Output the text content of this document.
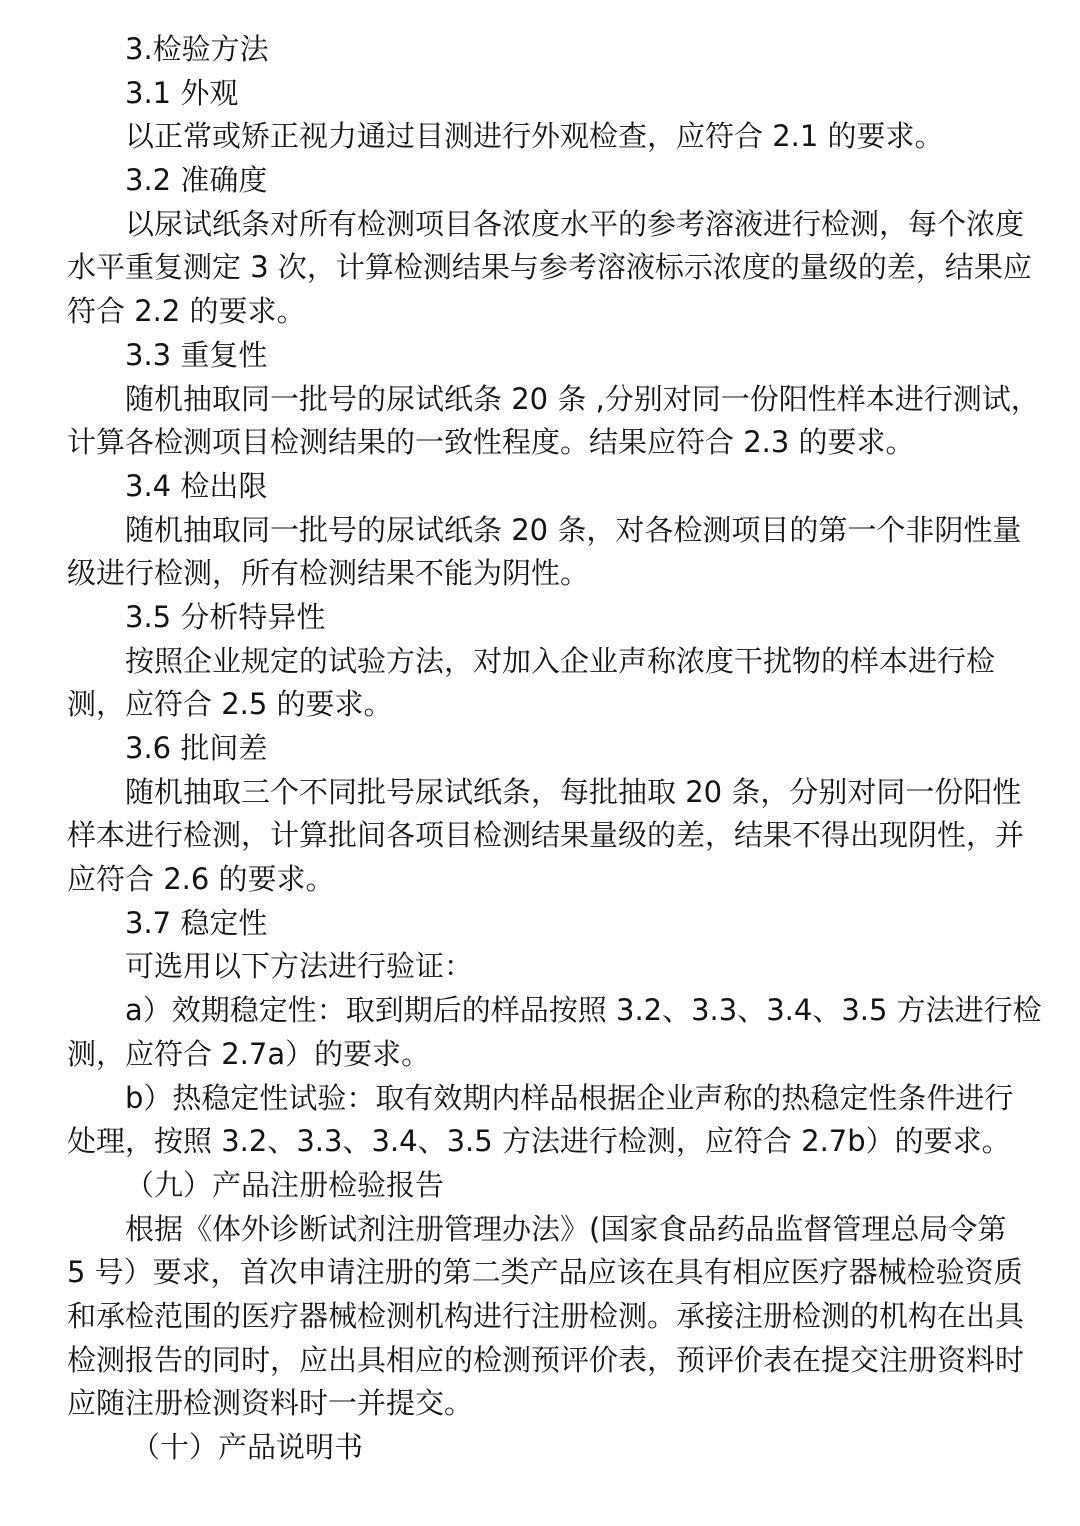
3.检验方法
3.1 外观
以正常或矫正视力通过目测进行外观检查，应符合 2.1 的要求。
3.2 准确度
以尿试纸条对所有检测项目各浓度水平的参考溶液进行检测，每个浓度
水平重复测定 3 次，计算检测结果与参考溶液标示浓度的量级的差，结果应
符合 2.2 的要求。
3.3 重复性
随机抽取同一批号的尿试纸条 20 条 ,分别对同一份阳性样本进行测试，
计算各检测项目检测结果的一致性程度。结果应符合 2.3 的要求。
3.4 检出限
随机抽取同一批号的尿试纸条 20 条，对各检测项目的第一个非阴性量
级进行检测，所有检测结果不能为阴性。
3.5 分析特异性
按照企业规定的试验方法，对加入企业声称浓度干扰物的样本进行检
测，应符合 2.5 的要求。
3.6 批间差
随机抽取三个不同批号尿试纸条，每批抽取 20 条，分别对同一份阳性
样本进行检测，计算批间各项目检测结果量级的差，结果不得出现阴性，并
应符合 2.6 的要求。
3.7 稳定性
可选用以下方法进行验证：
a）效期稳定性：取到期后的样品按照 3.2、3.3、3.4、3.5 方法进行检
测，应符合 2.7a）的要求。
b）热稳定性试验：取有效期内样品根据企业声称的热稳定性条件进行
处理，按照 3.2、3.3、3.4、3.5 方法进行检测，应符合 2.7b）的要求。
（九）产品注册检验报告
根据《体外诊断试剂注册管理办法》(国家食品药品监督管理总局令第
5 号）要求，首次申请注册的第二类产品应该在具有相应医疗器械检验资质
和承检范围的医疗器械检测机构进行注册检测。承接注册检测的机构在出具
检测报告的同时，应出具相应的检测预评价表，预评价表在提交注册资料时
应随注册检测资料时一并提交。
（十）产品说明书
